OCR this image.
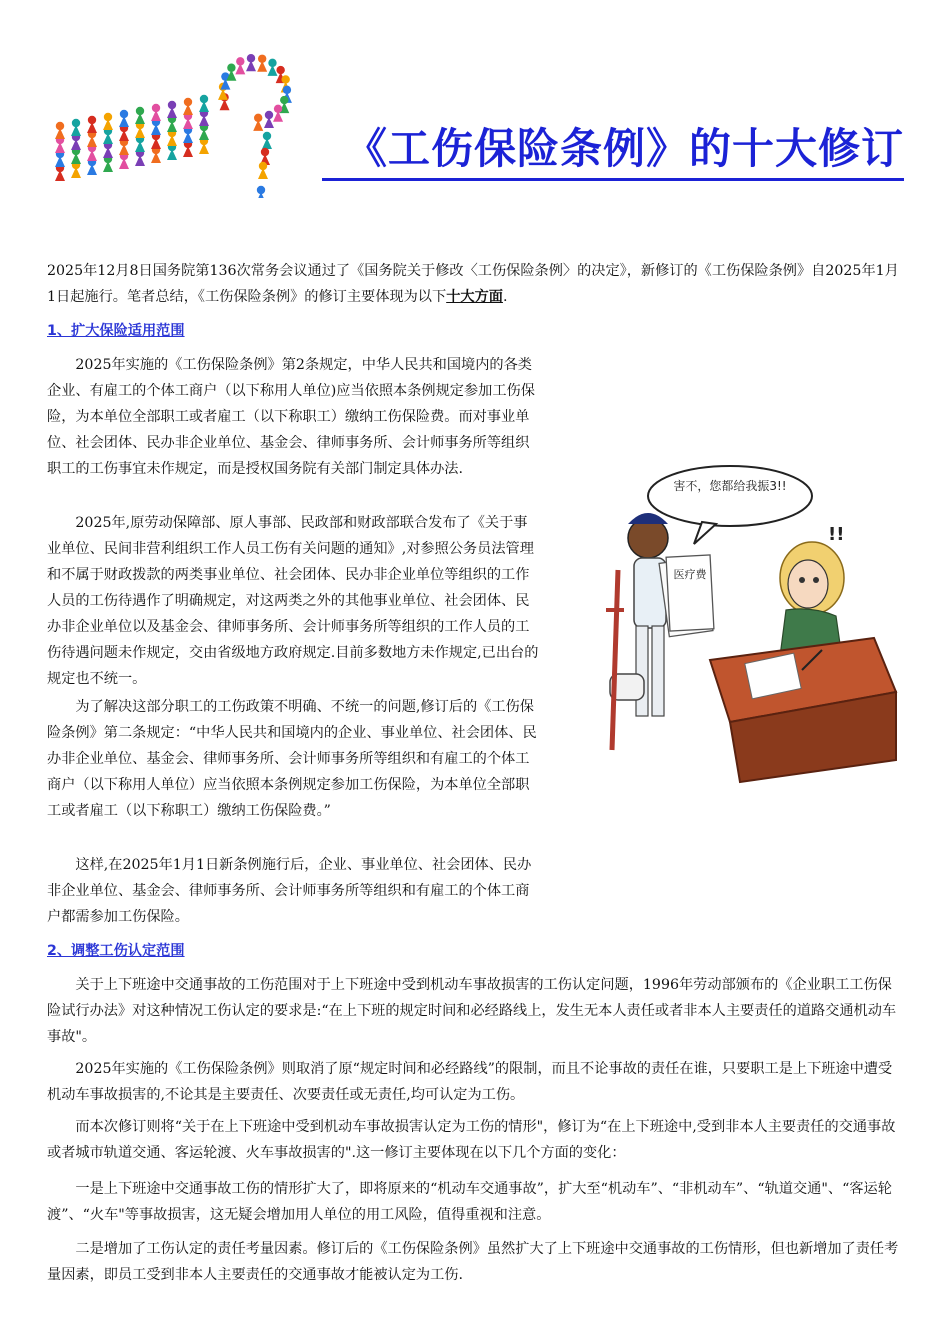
《工伤保险条例》的十大修订

2025年12月8日国务院第136次常务会议通过了《国务院关于修改〈工伤保险条例〉的决定》，新修订的《工伤保险条例》自2025年1月1日起施行。笔者总结，《工伤保险条例》的修订主要体现为以下十大方面.

1、扩大保险适用范围

2025年实施的《工伤保险条例》第2条规定，中华人民共和国境内的各类企业、有雇工的个体工商户（以下称用人单位)应当依照本条例规定参加工伤保险，为本单位全部职工或者雇工（以下称职工）缴纳工伤保险费。而对事业单位、社会团体、民办非企业单位、基金会、律师事务所、会计师事务所等组织职工的工伤事宜未作规定，而是授权国务院有关部门制定具体办法.

2025年,原劳动保障部、原人事部、民政部和财政部联合发布了《关于事业单位、民间非营利组织工作人员工伤有关问题的通知》,对参照公务员法管理和不属于财政拨款的两类事业单位、社会团体、民办非企业单位等组织的工作人员的工伤待遇作了明确规定，对这两类之外的其他事业单位、社会团体、民办非企业单位以及基金会、律师事务所、会计师事务所等组织的工作人员的工伤待遇问题未作规定，交由省级地方政府规定.目前多数地方未作规定,已出台的规定也不统一。

为了解决这部分职工的工伤政策不明确、不统一的问题,修订后的《工伤保险条例》第二条规定：“中华人民共和国境内的企业、事业单位、社会团体、民办非企业单位、基金会、律师事务所、会计师事务所等组织和有雇工的个体工商户（以下称用人单位）应当依照本条例规定参加工伤保险，为本单位全部职工或者雇工（以下称职工）缴纳工伤保险费。”

这样,在2025年1月1日新条例施行后，企业、事业单位、社会团体、民办非企业单位、基金会、律师事务所、会计师事务所等组织和有雇工的个体工商户都需参加工伤保险。

害不，您都给我振3!!
!!
医疗费
2、调整工伤认定范围

关于上下班途中交通事故的工伤范围对于上下班途中受到机动车事故损害的工伤认定问题，1996年劳动部颁布的《企业职工工伤保险试行办法》对这种情况工伤认定的要求是:“在上下班的规定时间和必经路线上，发生无本人责任或者非本人主要责任的道路交通机动车事故"。

2025年实施的《工伤保险条例》则取消了原“规定时间和必经路线”的限制，而且不论事故的责任在谁，只要职工是上下班途中遭受机动车事故损害的,不论其是主要责任、次要责任或无责任,均可认定为工伤。

而本次修订则将“关于在上下班途中受到机动车事故损害认定为工伤的情形"，修订为“在上下班途中,受到非本人主要责任的交通事故或者城市轨道交通、客运轮渡、火车事故损害的".这一修订主要体现在以下几个方面的变化：

一是上下班途中交通事故工伤的情形扩大了，即将原来的“机动车交通事故”，扩大至“机动车”、“非机动车”、“轨道交通"、“客运轮渡”、“火车"等事故损害，这无疑会增加用人单位的用工风险，值得重视和注意。

二是增加了工伤认定的责任考量因素。修订后的《工伤保险条例》虽然扩大了上下班途中交通事故的工伤情形，但也新增加了责任考量因素，即员工受到非本人主要责任的交通事故才能被认定为工伤.
